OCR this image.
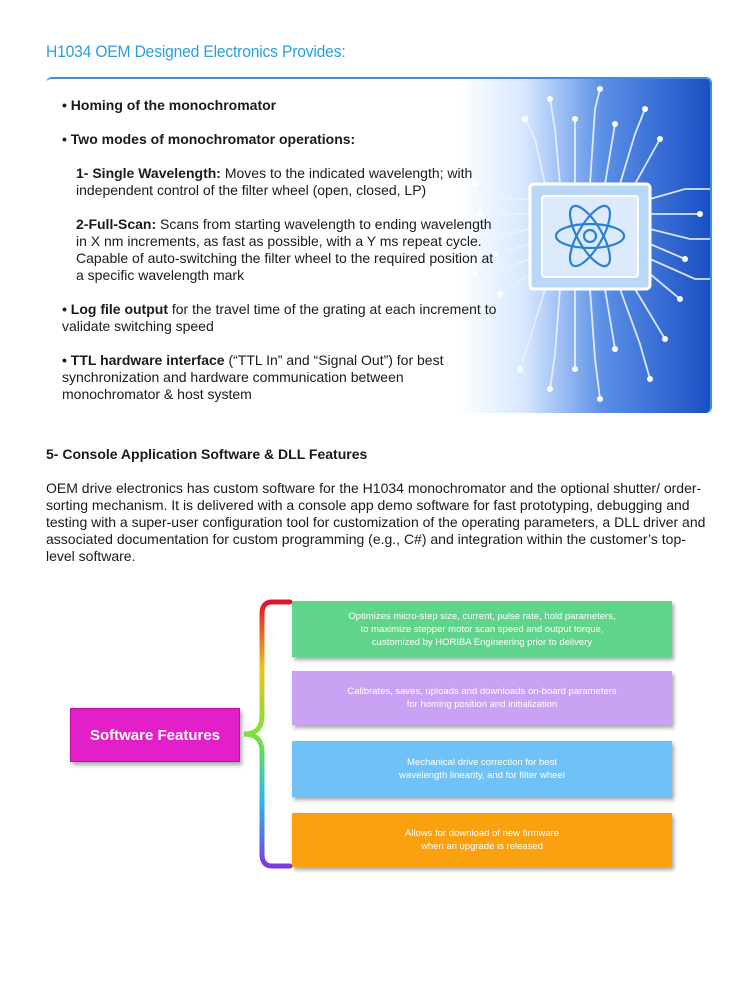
H1034 OEM Designed Electronics Provides:
• Homing of the monochromator
• Two modes of monochromator operations:
1- Single Wavelength: Moves to the indicated wavelength; with independent control of the filter wheel (open, closed, LP)
2-Full-Scan: Scans from starting wavelength to ending wavelength in X nm increments, as fast as possible, with a Y ms repeat cycle. Capable of auto-switching the filter wheel to the required position at a specific wavelength mark
• Log file output for the travel time of the grating at each increment to validate switching speed
• TTL hardware interface (“TTL In” and “Signal Out”) for best synchronization and hardware communication between monochromator & host system
5- Console Application Software & DLL Features
OEM drive electronics has custom software for the H1034 monochromator and the optional shutter/ order-sorting mechanism. It is delivered with a console app demo software for fast prototyping, debugging and testing with a super-user configuration tool for customization of the operating parameters, a DLL driver and associated documentation for custom programming (e.g., C#) and integration within the customer’s top-level software.
Software Features
Optimizes micro-step size, current, pulse rate, hold parameters,
to maximize stepper motor scan speed and output torque,
customized by HORIBA Engineering prior to delivery
Calibrates, saves, uploads and downloads on-board parameters
for homing position and initialization
Mechanical drive correction for best
wavelength linearity, and for filter wheel
Allows for download of new firmware
when an upgrade is released
